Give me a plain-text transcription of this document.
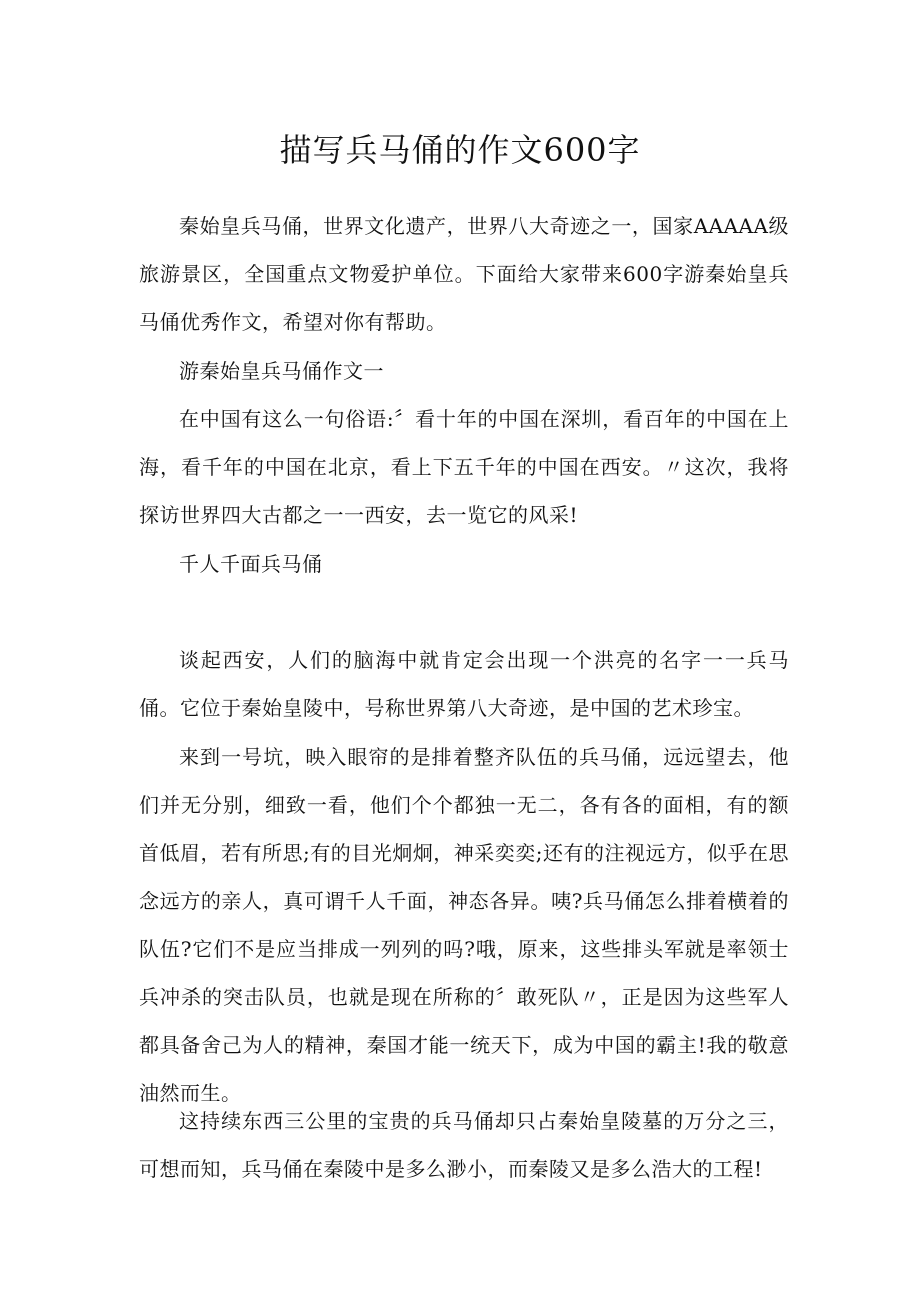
描写兵马俑的作文600字

秦始皇兵马俑，世界文化遗产，世界八大奇迹之一，国家AAAAA级旅游景区，全国重点文物爱护单位。下面给大家带来600字游秦始皇兵马俑优秀作文，希望对你有帮助。

游秦始皇兵马俑作文一

在中国有这么一句俗语:〞看十年的中国在深圳，看百年的中国在上海，看千年的中国在北京，看上下五千年的中国在西安。〃这次，我将探访世界四大古都之一一西安，去一览它的风采!

千人千面兵马俑

谈起西安，人们的脑海中就肯定会出现一个洪亮的名字一一兵马俑。它位于秦始皇陵中，号称世界第八大奇迹，是中国的艺术珍宝。

来到一号坑，映入眼帘的是排着整齐队伍的兵马俑，远远望去，他们并无分别，细致一看，他们个个都独一无二，各有各的面相，有的额首低眉，若有所思;有的目光炯炯，神采奕奕;还有的注视远方，似乎在思念远方的亲人，真可谓千人千面，神态各异。咦?兵马俑怎么排着横着的队伍?它们不是应当排成一列列的吗?哦，原来，这些排头军就是率领士兵冲杀的突击队员，也就是现在所称的〞敢死队〃，正是因为这些军人都具备舍己为人的精神，秦国才能一统天下，成为中国的霸主!我的敬意油然而生。

这持续东西三公里的宝贵的兵马俑却只占秦始皇陵墓的万分之三，可想而知，兵马俑在秦陵中是多么渺小，而秦陵又是多么浩大的工程!
